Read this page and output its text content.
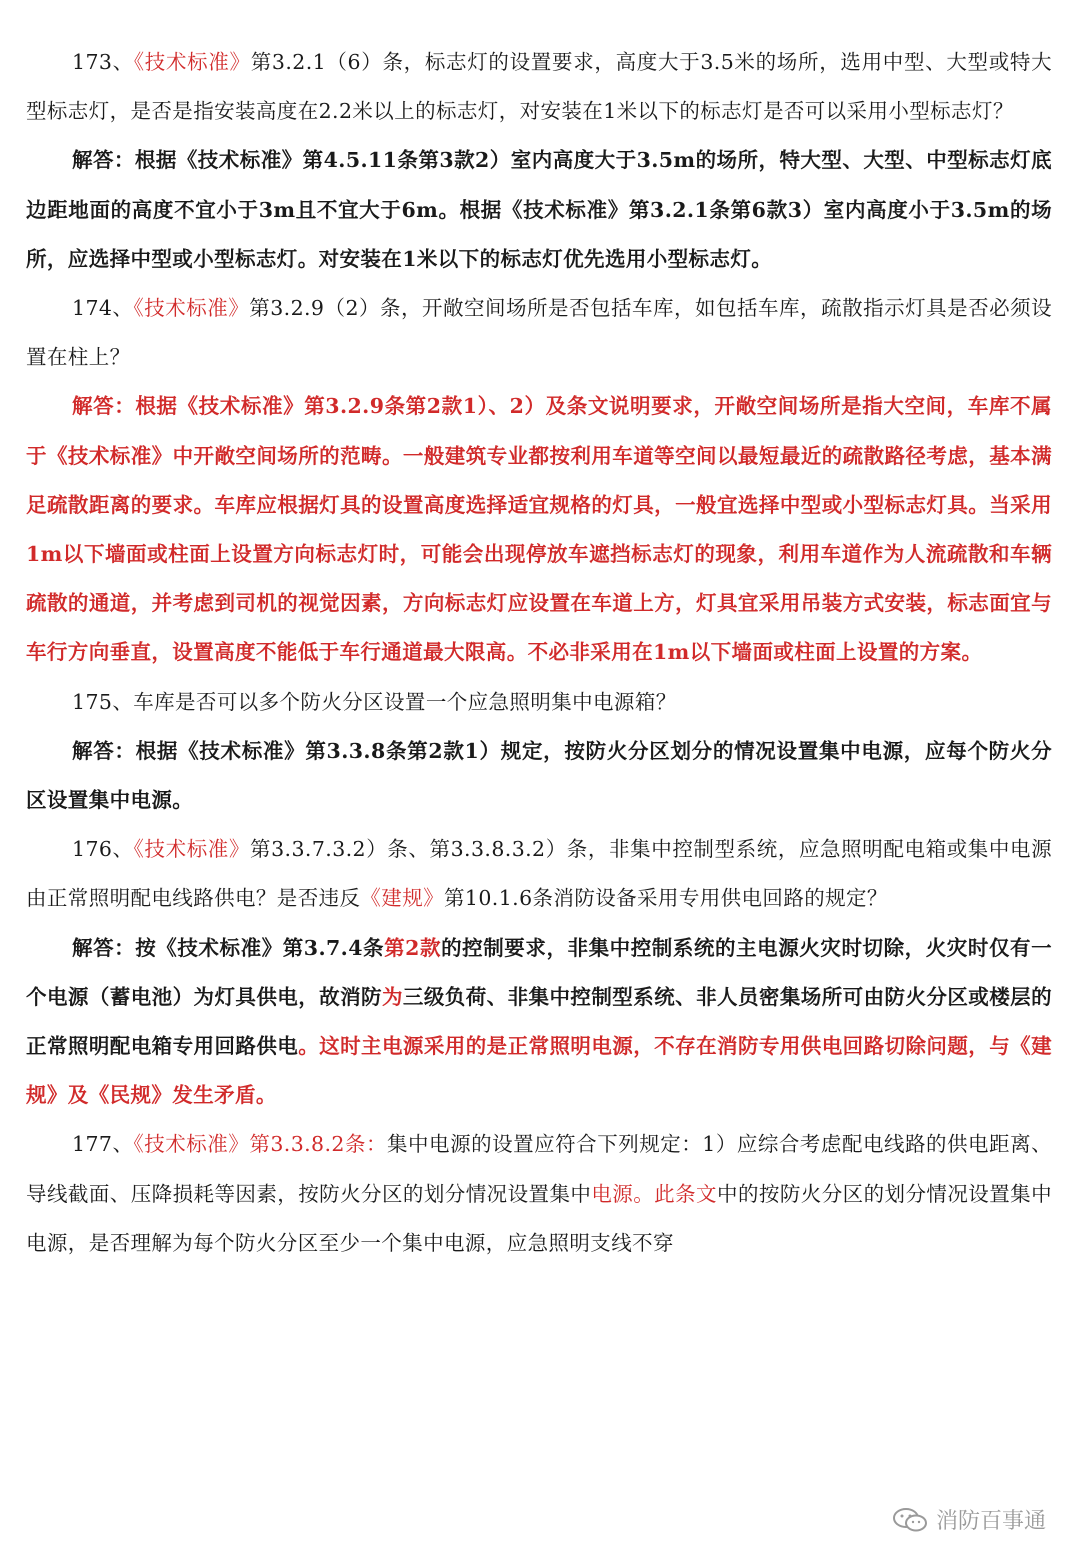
173、《技术标准》第3.2.1（6）条，标志灯的设置要求，高度大于3.5米的场所，选用中型、大型或特大型标志灯，是否是指安装高度在2.2米以上的标志灯，对安装在1米以下的标志灯是否可以采用小型标志灯？

解答：根据《技术标准》第4.5.11条第3款2）室内高度大于3.5m的场所，特大型、大型、中型标志灯底边距地面的高度不宜小于3m且不宜大于6m。根据《技术标准》第3.2.1条第6款3）室内高度小于3.5m的场所，应选择中型或小型标志灯。对安装在1米以下的标志灯优先选用小型标志灯。

174、《技术标准》第3.2.9（2）条，开敞空间场所是否包括车库，如包括车库，疏散指示灯具是否必须设置在柱上？

解答：根据《技术标准》第3.2.9条第2款1）、2）及条文说明要求，开敞空间场所是指大空间，车库不属于《技术标准》中开敞空间场所的范畴。一般建筑专业都按利用车道等空间以最短最近的疏散路径考虑，基本满足疏散距离的要求。车库应根据灯具的设置高度选择适宜规格的灯具，一般宜选择中型或小型标志灯具。当采用1m以下墙面或柱面上设置方向标志灯时，可能会出现停放车遮挡标志灯的现象，利用车道作为人流疏散和车辆疏散的通道，并考虑到司机的视觉因素，方向标志灯应设置在车道上方，灯具宜采用吊装方式安装，标志面宜与车行方向垂直，设置高度不能低于车行通道最大限高。不必非采用在1m以下墙面或柱面上设置的方案。

175、车库是否可以多个防火分区设置一个应急照明集中电源箱？

解答：根据《技术标准》第3.3.8条第2款1）规定，按防火分区划分的情况设置集中电源，应每个防火分区设置集中电源。

176、《技术标准》第3.3.7.3.2）条、第3.3.8.3.2）条，非集中控制型系统，应急照明配电箱或集中电源由正常照明配电线路供电？是否违反《建规》第10.1.6条消防设备采用专用供电回路的规定？

解答：按《技术标准》第3.7.4条第2款的控制要求，非集中控制系统的主电源火灾时切除，火灾时仅有一个电源（蓄电池）为灯具供电，故消防为三级负荷、非集中控制型系统、非人员密集场所可由防火分区或楼层的正常照明配电箱专用回路供电。这时主电源采用的是正常照明电源，不存在消防专用供电回路切除问题，与《建规》及《民规》发生矛盾。

177、《技术标准》第3.3.8.2条：集中电源的设置应符合下列规定：1）应综合考虑配电线路的供电距离、导线截面、压降损耗等因素，按防火分区的划分情况设置集中电源。此条文中的按防火分区的划分情况设置集中电源，是否理解为每个防火分区至少一个集中电源，应急照明支线不穿

消防百事通
